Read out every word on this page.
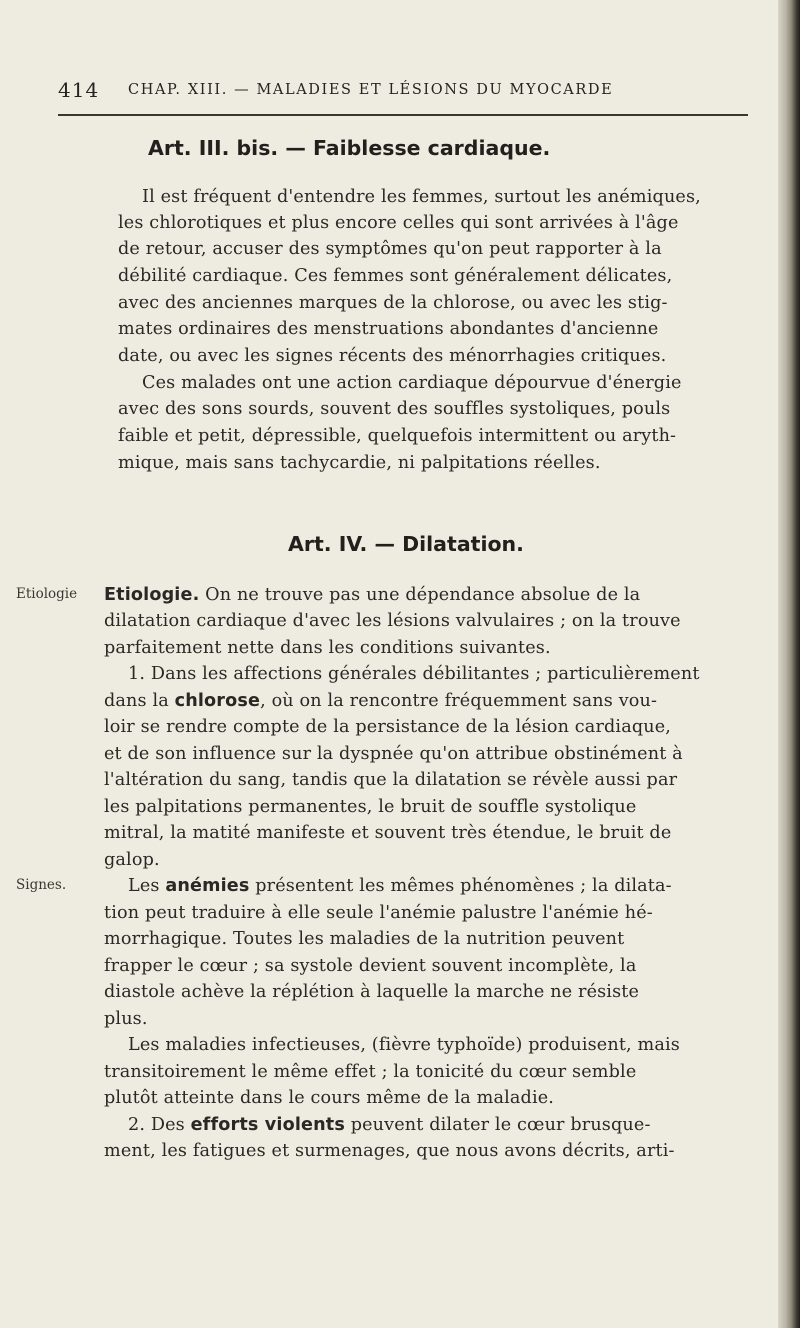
414 CHAP. XIII. — MALADIES ET LÉSIONS DU MYOCARDE
Art. III. bis. — Faiblesse cardiaque.
Il est fréquent d'entendre les femmes, surtout les anémiques,
les chlorotiques et plus encore celles qui sont arrivées à l'âge
de retour, accuser des symptômes qu'on peut rapporter à la
débilité cardiaque. Ces femmes sont généralement délicates,
avec des anciennes marques de la chlorose, ou avec les stig-
mates ordinaires des menstruations abondantes d'ancienne
date, ou avec les signes récents des ménorrhagies critiques.
Ces malades ont une action cardiaque dépourvue d'énergie
avec des sons sourds, souvent des souffles systoliques, pouls
faible et petit, dépressible, quelquefois intermittent ou aryth-
mique, mais sans tachycardie, ni palpitations réelles.
Art. IV. — Dilatation.
Etiologie
Signes.
Etiologie. On ne trouve pas une dépendance absolue de la
dilatation cardiaque d'avec les lésions valvulaires ; on la trouve
parfaitement nette dans les conditions suivantes.
1. Dans les affections générales débilitantes ; particulièrement
dans la chlorose, où on la rencontre fréquemment sans vou-
loir se rendre compte de la persistance de la lésion cardiaque,
et de son influence sur la dyspnée qu'on attribue obstinément à
l'altération du sang, tandis que la dilatation se révèle aussi par
les palpitations permanentes, le bruit de souffle systolique
mitral, la matité manifeste et souvent très étendue, le bruit de
galop.
Les anémies présentent les mêmes phénomènes ; la dilata-
tion peut traduire à elle seule l'anémie palustre l'anémie hé-
morrhagique. Toutes les maladies de la nutrition peuvent
frapper le cœur ; sa systole devient souvent incomplète, la
diastole achève la réplétion à laquelle la marche ne résiste
plus.
Les maladies infectieuses, (fièvre typhoïde) produisent, mais
transitoirement le même effet ; la tonicité du cœur semble
plutôt atteinte dans le cours même de la maladie.
2. Des efforts violents peuvent dilater le cœur brusque-
ment, les fatigues et surmenages, que nous avons décrits, arti-
